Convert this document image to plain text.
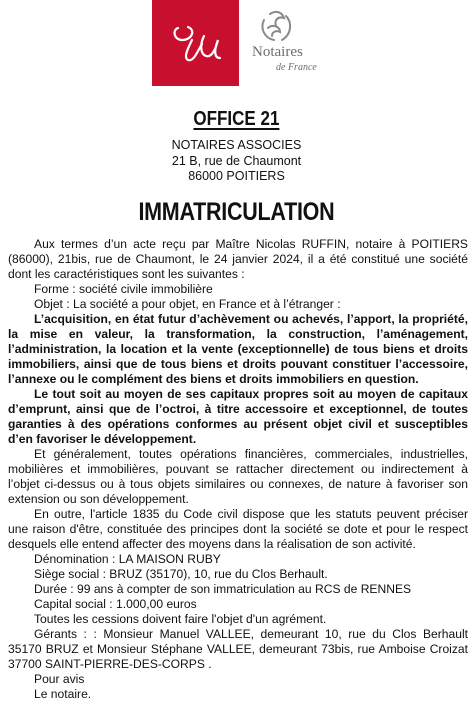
Notaires
de France
OFFICE 21
NOTAIRES ASSOCIES
21 B, rue de Chaumont
86000 POITIERS
IMMATRICULATION

Aux termes d’un acte reçu par Maître Nicolas RUFFIN, notaire à POITIERS (86000), 21bis, rue de Chaumont, le 24 janvier 2024, il a été constitué une société dont les caractéristiques sont les suivantes :

Forme : société civile immobilière

Objet : La société a pour objet, en France et à l’étranger :

L’acquisition, en état futur d’achèvement ou achevés, l’apport, la propriété, la mise en valeur, la transformation, la construction, l’aménagement, l’administration, la location et la vente (exceptionnelle) de tous biens et droits immobiliers, ainsi que de tous biens et droits pouvant constituer l’accessoire, l’annexe ou le complément des biens et droits immobiliers en question.

Le tout soit au moyen de ses capitaux propres soit au moyen de capitaux d’emprunt, ainsi que de l’octroi, à titre accessoire et exceptionnel, de toutes garanties à des opérations conformes au présent objet civil et susceptibles d’en favoriser le développement.

Et généralement, toutes opérations financières, commerciales, industrielles, mobilières et immobilières, pouvant se rattacher directement ou indirectement à l’objet ci-dessus ou à tous objets similaires ou connexes, de nature à favoriser son extension ou son développement.

En outre, l'article 1835 du Code civil dispose que les statuts peuvent préciser une raison d'être, constituée des principes dont la société se dote et pour le respect desquels elle entend affecter des moyens dans la réalisation de son activité.

Dénomination : LA MAISON RUBY

Siège social : BRUZ (35170), 10, rue du Clos Berhault.

Durée : 99 ans à compter de son immatriculation au RCS de RENNES

Capital social : 1.000,00 euros

Toutes les cessions doivent faire l'objet d'un agrément.

Gérants : : Monsieur Manuel VALLEE, demeurant 10, rue du Clos Berhault 35170 BRUZ et Monsieur Stéphane VALLEE, demeurant 73bis, rue Amboise Croizat 37700 SAINT-PIERRE-DES-CORPS .

Pour avis

Le notaire.
